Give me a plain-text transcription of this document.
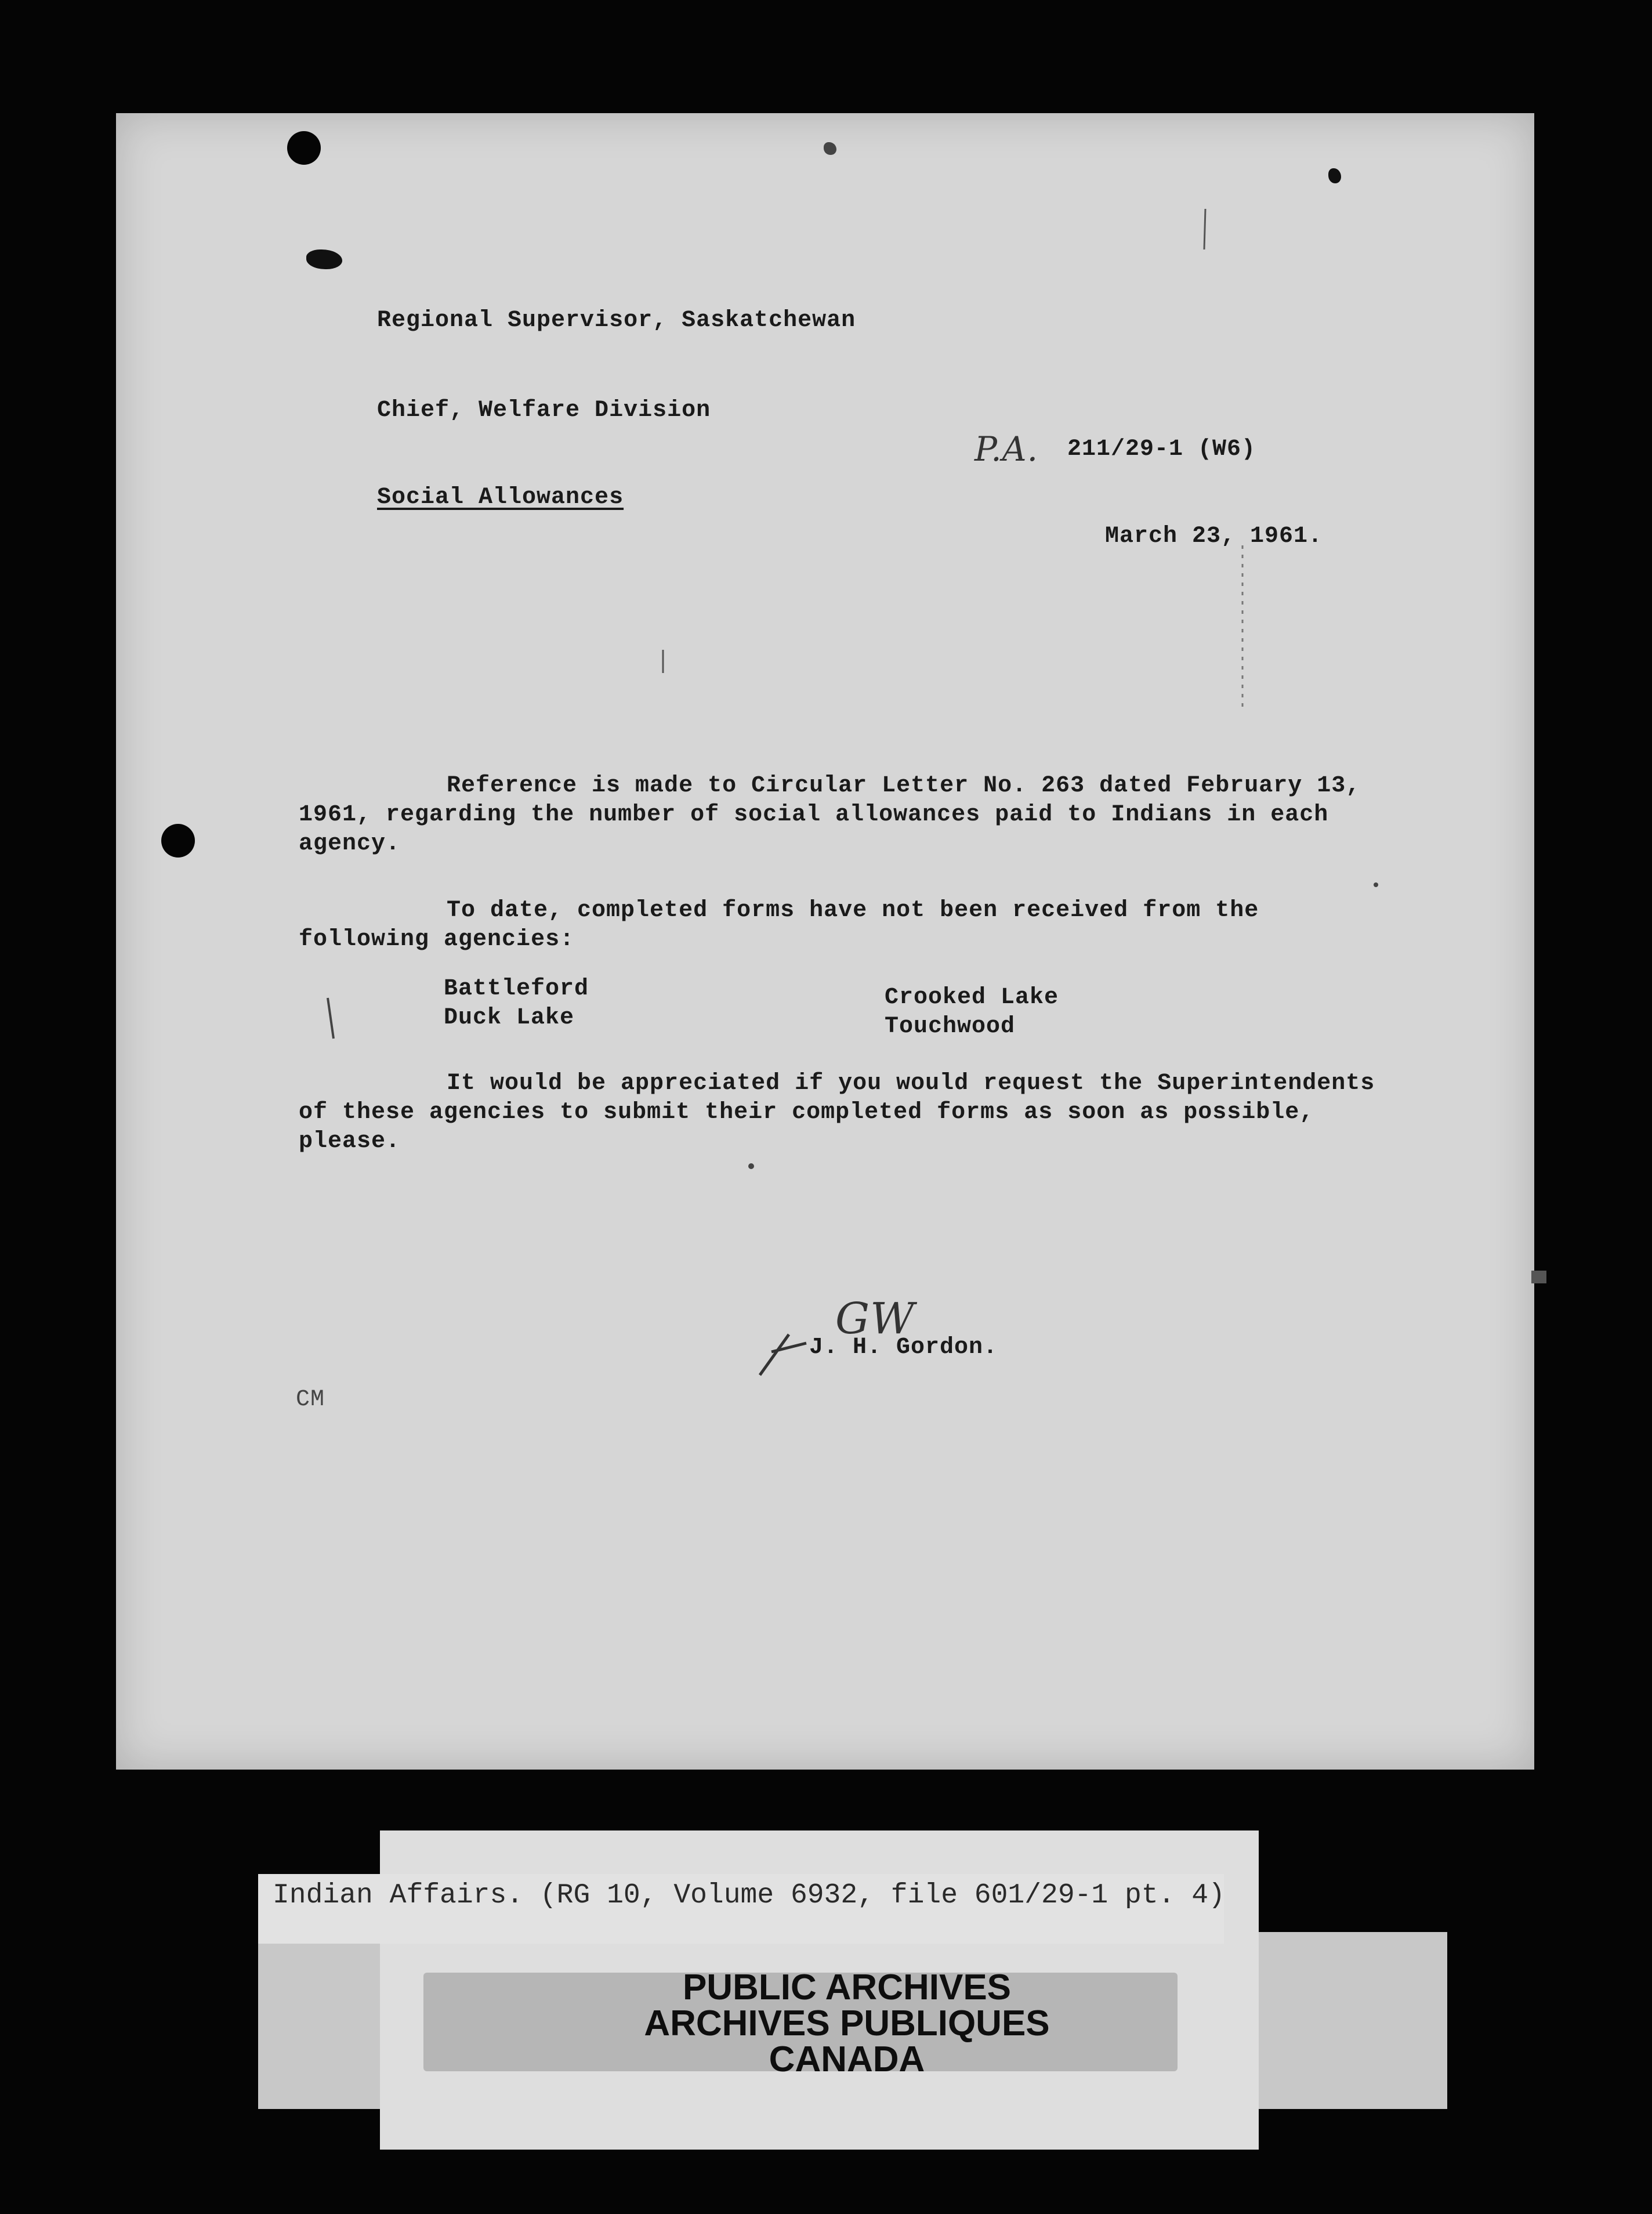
Regional Supervisor, Saskatchewan
Chief, Welfare Division
P.A. 211/29-1 (W6)
Social Allowances
March 23, 1961.
Reference is made to Circular Letter No. 263 dated February 13,
1961, regarding the number of social allowances paid to Indians in each
agency.
To date, completed forms have not been received from the
following agencies:
Battleford
Duck Lake
Crooked Lake
Touchwood
It would be appreciated if you would request the Superintendents
of these agencies to submit their completed forms as soon as possible,
please.
GW
J. H. Gordon.
CM
Indian Affairs. (RG 10, Volume 6932, file 601/29-1 pt. 4)
PUBLIC ARCHIVES
ARCHIVES PUBLIQUES
CANADA
